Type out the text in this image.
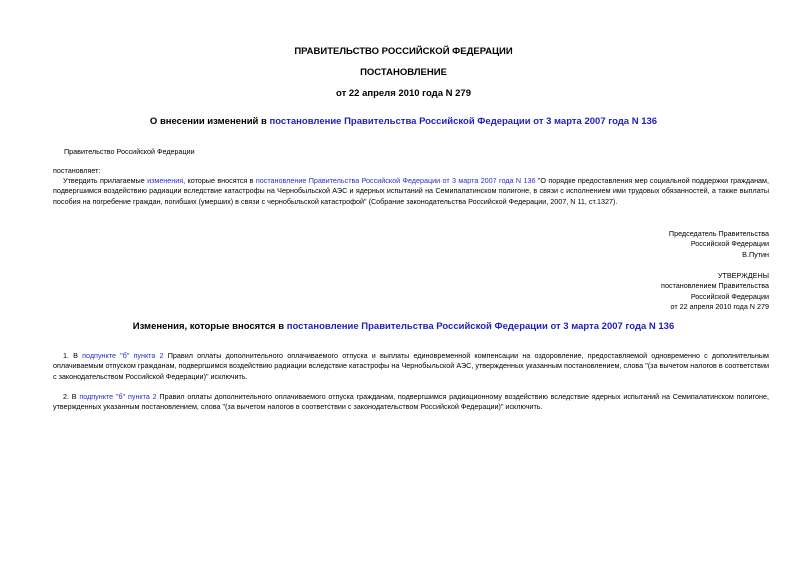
ПРАВИТЕЛЬСТВО РОССИЙСКОЙ ФЕДЕРАЦИИ
ПОСТАНОВЛЕНИЕ
от 22 апреля 2010 года N 279
О внесении изменений в постановление Правительства Российской Федерации от 3 марта 2007 года N 136
Правительство Российской Федерации
постановляет:
Утвердить прилагаемые изменения, которые вносятся в постановление Правительства Российской Федерации от 3 марта 2007 года N 136 "О порядке предоставления мер социальной поддержки гражданам, подвергшимся воздействию радиации вследствие катастрофы на Чернобыльской АЭС и ядерных испытаний на Семипалатинском полигоне, в связи с исполнением ими трудовых обязанностей, а также выплаты пособия на погребение граждан, погибших (умерших) в связи с чернобыльской катастрофой" (Собрание законодательства Российской Федерации, 2007, N 11, ст.1327).
Председатель Правительства
Российской Федерации
В.Путин
УТВЕРЖДЕНЫ
постановлением Правительства
Российской Федерации
от 22 апреля 2010 года N 279
Изменения, которые вносятся в постановление Правительства Российской Федерации от 3 марта 2007 года N 136
1. В подпункте "б" пункта 2 Правил оплаты дополнительного оплачиваемого отпуска и выплаты единовременной компенсации на оздоровление, предоставляемой одновременно с дополнительным оплачиваемым отпуском гражданам, подвергшимся воздействию радиации вследствие катастрофы на Чернобыльской АЭС, утвержденных указанным постановлением, слова "(за вычетом налогов в соответствии с законодательством Российской Федерации)" исключить.
2. В подпункте "б" пункта 2 Правил оплаты дополнительного оплачиваемого отпуска гражданам, подвергшимся радиационному воздействию вследствие ядерных испытаний на Семипалатинском полигоне, утвержденных указанным постановлением, слова "(за вычетом налогов в соответствии с законодательством Российской Федерации)" исключить.
